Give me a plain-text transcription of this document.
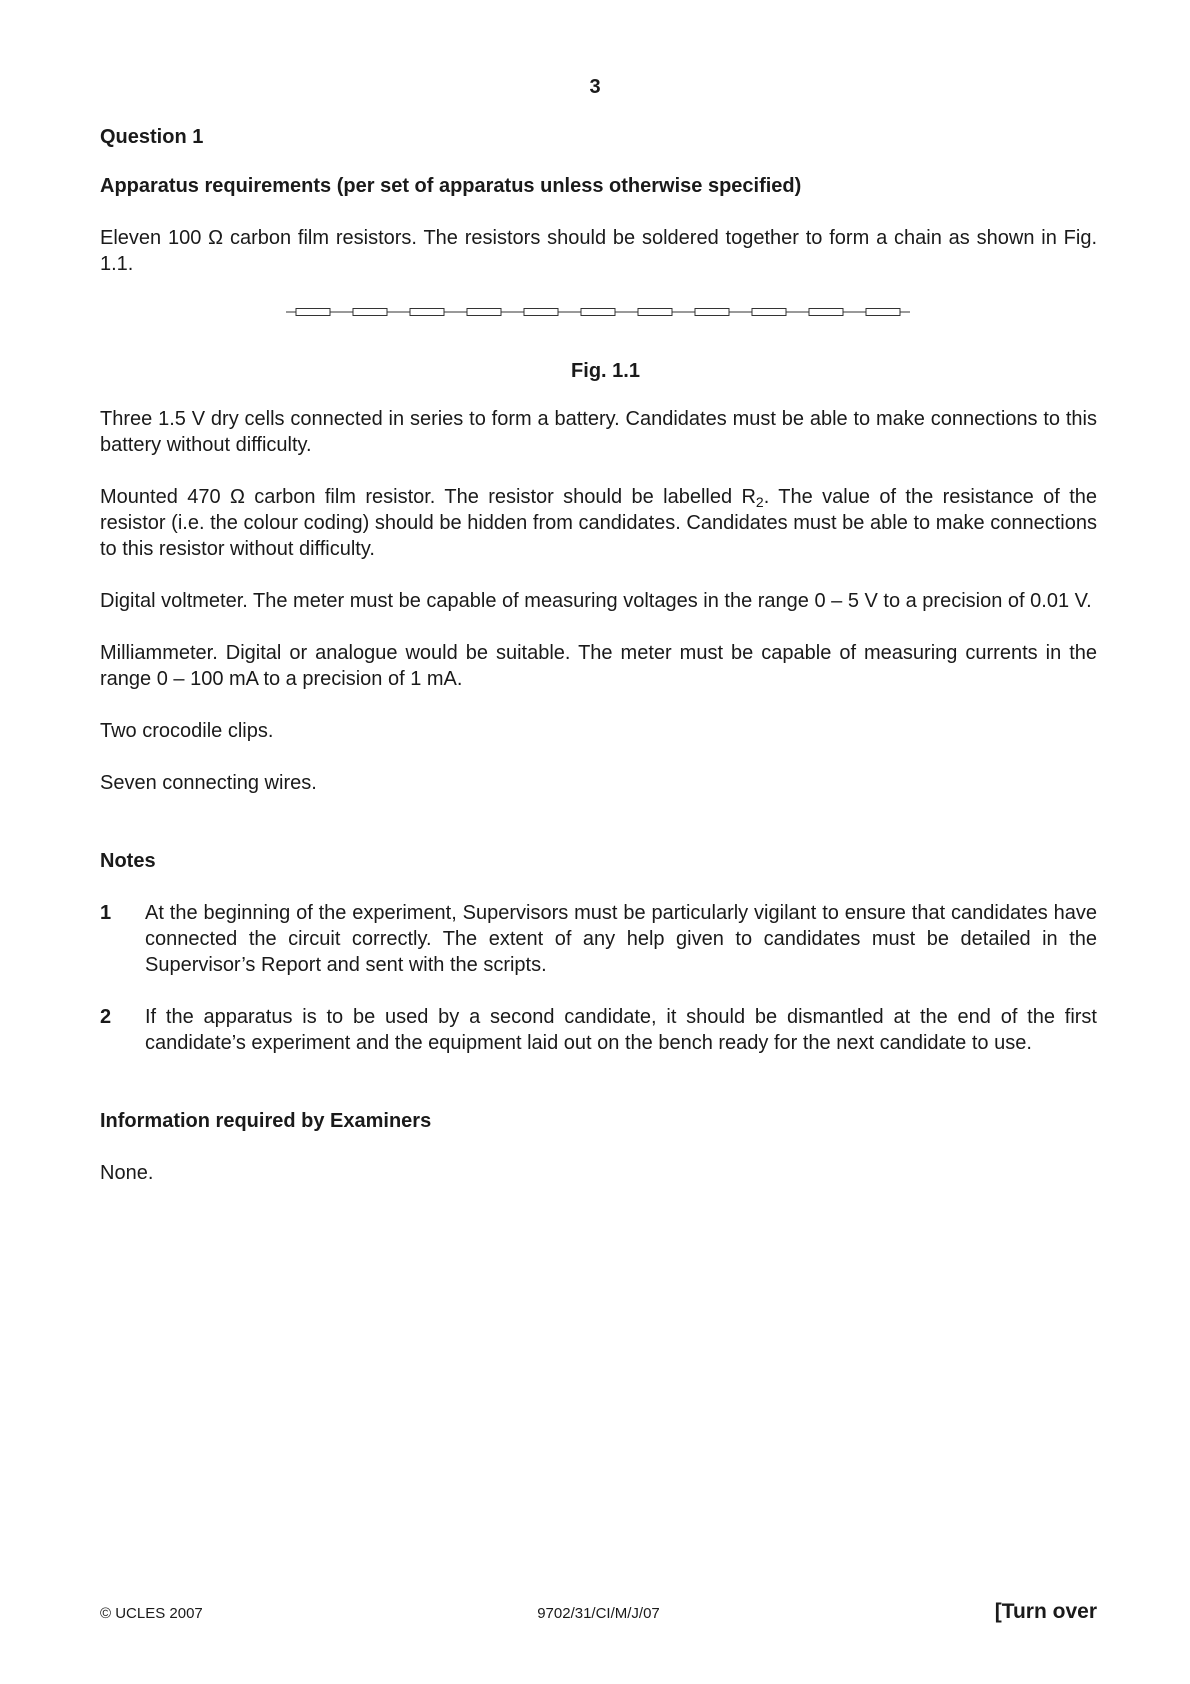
3

Question 1

Apparatus requirements (per set of apparatus unless otherwise specified)

Eleven 100 Ω carbon film resistors. The resistors should be soldered together to form a chain as shown in Fig. 1.1.

Fig. 1.1

Three 1.5 V dry cells connected in series to form a battery. Candidates must be able to make connections to this battery without difficulty.

Mounted 470 Ω carbon film resistor. The resistor should be labelled $R_2$. The value of the resistance of the resistor (i.e. the colour coding) should be hidden from candidates. Candidates must be able to make connections to this resistor without difficulty.

Digital voltmeter. The meter must be capable of measuring voltages in the range 0 – 5 V to a precision of 0.01 V.

Milliammeter. Digital or analogue would be suitable. The meter must be capable of measuring currents in the range 0 – 100 mA to a precision of 1 mA.

Two crocodile clips.

Seven connecting wires.

Notes

1	At the beginning of the experiment, Supervisors must be particularly vigilant to ensure that candidates have connected the circuit correctly. The extent of any help given to candidates must be detailed in the Supervisor’s Report and sent with the scripts.
2	If the apparatus is to be used by a second candidate, it should be dismantled at the end of the first candidate’s experiment and the equipment laid out on the bench ready for the next candidate to use.

Information required by Examiners

None.

© UCLES 2007	9702/31/CI/M/J/07	[Turn over
